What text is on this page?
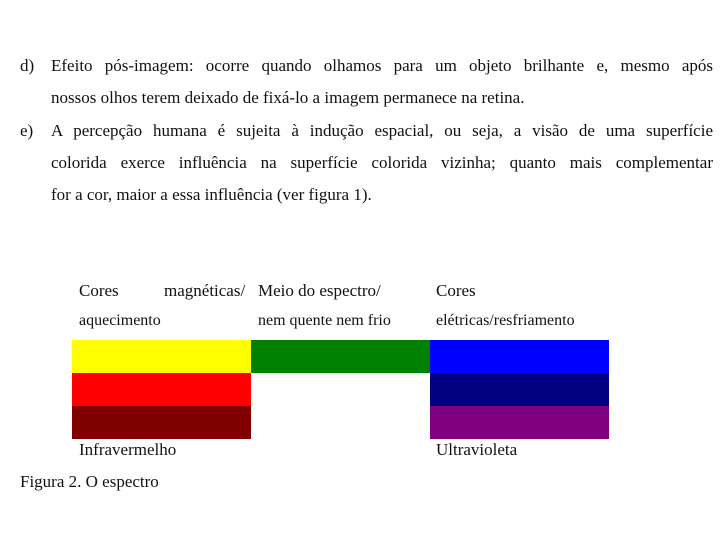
d) Efeito pós-imagem: ocorre quando olhamos para um objeto brilhante e, mesmo após
nossos olhos terem deixado de fixá-lo a imagem permanece na retina.
e) A percepção humana é sujeita à indução espacial, ou seja, a visão de uma superfície
colorida exerce influência na superfície colorida vizinha; quanto mais complementar
for a cor, maior a essa influência (ver figura 1).
Cores	magnéticas/
aquecimento
Meio do espectro/
nem quente nem frio
Cores
elétricas/resfriamento
Infravermelho	Ultravioleta
Figura 2. O espectro
